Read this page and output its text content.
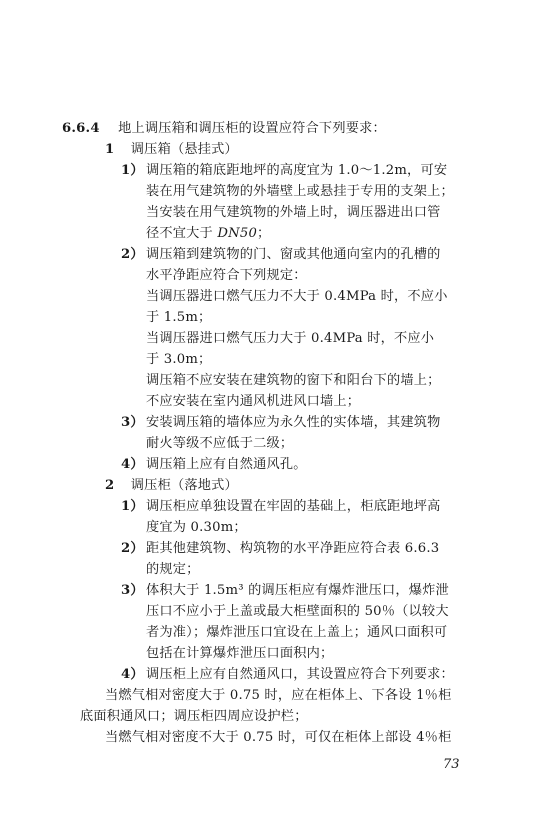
6.6.4 地上调压箱和调压柜的设置应符合下列要求：
1 调压箱（悬挂式）
1） 调压箱的箱底距地坪的高度宜为 1.0～1.2m，可安
装在用气建筑物的外墙壁上或悬挂于专用的支架上；
当安装在用气建筑物的外墙上时，调压器进出口管
径不宜大于 DN50；
2） 调压箱到建筑物的门、窗或其他通向室内的孔槽的
水平净距应符合下列规定：
当调压器进口燃气压力不大于 0.4MPa 时，不应小
于 1.5m；
当调压器进口燃气压力大于 0.4MPa 时，不应小
于 3.0m；
调压箱不应安装在建筑物的窗下和阳台下的墙上；
不应安装在室内通风机进风口墙上；
3） 安装调压箱的墙体应为永久性的实体墙，其建筑物
耐火等级不应低于二级；
4） 调压箱上应有自然通风孔。
2 调压柜（落地式）
1） 调压柜应单独设置在牢固的基础上，柜底距地坪高
度宜为 0.30m；
2） 距其他建筑物、构筑物的水平净距应符合表 6.6.3
的规定；
3） 体积大于 1.5m³ 的调压柜应有爆炸泄压口，爆炸泄
压口不应小于上盖或最大柜壁面积的 50％（以较大
者为准）；爆炸泄压口宜设在上盖上；通风口面积可
包括在计算爆炸泄压口面积内；
4） 调压柜上应有自然通风口，其设置应符合下列要求：
当燃气相对密度大于 0.75 时，应在柜体上、下各设 1％柜
底面积通风口；调压柜四周应设护栏；
当燃气相对密度不大于 0.75 时，可仅在柜体上部设 4％柜
73
